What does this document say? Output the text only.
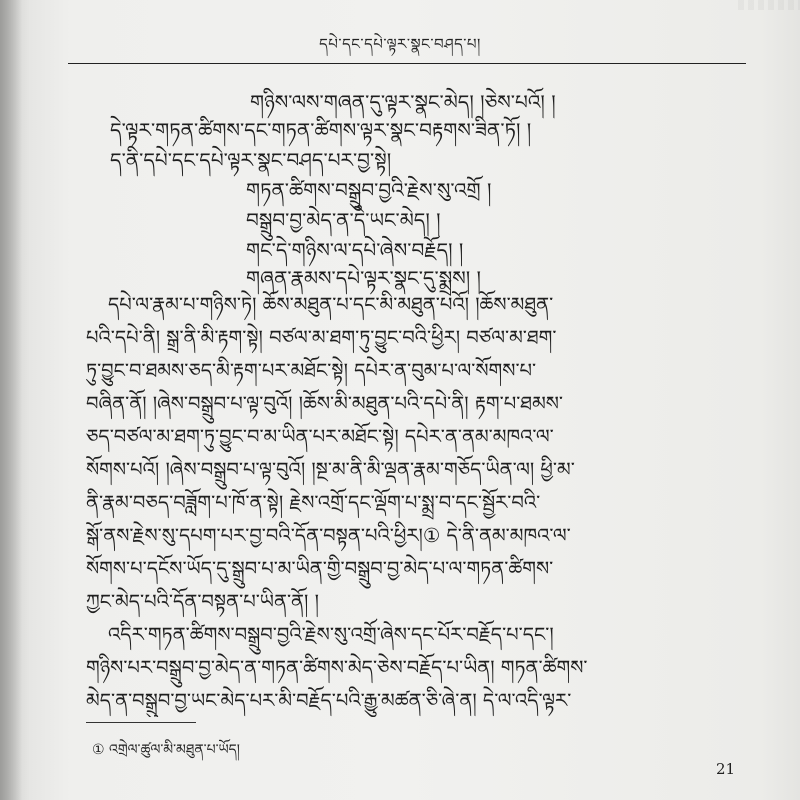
དཔེ་དང་དཔེ་ལྟར་སྣང་བཤད་པ།
གཉིས་ལས་གཞན་དུ་ལྟར་སྣང་མེད། །ཅེས་པའོ། །
དེ་ལྟར་གཏན་ཚིགས་དང་གཏན་ཚིགས་ལྟར་སྣང་བརྟགས་ཟིན་ཏོ། །
ད་ནི་དཔེ་དང་དཔེ་ལྟར་སྣང་བཤད་པར་བྱ་སྟེ།
གཏན་ཚིགས་བསྒྲུབ་བྱའི་རྗེས་སུ་འགྲོ །
བསྒྲུབ་བྱ་མེད་ན་དེ་ཡང་མེད། །
གང་དེ་གཉིས་ལ་དཔེ་ཞེས་བརྗོད། །
གཞན་རྣམས་དཔེ་ལྟར་སྣང་དུ་སྨྲས། །
དཔེ་ལ་རྣམ་པ་གཉིས་ཏེ། ཆོས་མཐུན་པ་དང་མི་མཐུན་པའོ། །ཆོས་མཐུན་
པའི་དཔེ་ནི། སྒྲ་ནི་མི་རྟག་སྟེ། བཙལ་མ་ཐག་ཏུ་བྱུང་བའི་ཕྱིར། བཙལ་མ་ཐག་
ཏུ་བྱུང་བ་ཐམས་ཅད་མི་རྟག་པར་མཐོང་སྟེ། དཔེར་ན་བུམ་པ་ལ་སོགས་པ་
བཞིན་ནོ། །ཞེས་བསྒྲུབ་པ་ལྟ་བུའོ། །ཆོས་མི་མཐུན་པའི་དཔེ་ནི། རྟག་པ་ཐམས་
ཅད་བཙལ་མ་ཐག་ཏུ་བྱུང་བ་མ་ཡིན་པར་མཐོང་སྟེ། དཔེར་ན་ནམ་མཁའ་ལ་
སོགས་པའོ། །ཞེས་བསྒྲུབ་པ་ལྟ་བུའོ། །སྔ་མ་ནི་མི་ལྡན་རྣམ་གཅོད་ཡིན་ལ། ཕྱི་མ་
ནི་རྣམ་བཅད་བཟློག་པ་ཁོ་ན་སྟེ། རྗེས་འགྲོ་དང་ལྡོག་པ་སྨྲ་བ་དང་སྦྱོར་བའི་
སྒོ་ནས་རྗེས་སུ་དཔག་པར་བྱ་བའི་དོན་བསྟན་པའི་ཕྱིར།① དེ་ནི་ནམ་མཁའ་ལ་
སོགས་པ་དངོས་ཡོད་དུ་སྒྲུབ་པ་མ་ཡིན་གྱི་བསྒྲུབ་བྱ་མེད་པ་ལ་གཏན་ཚིགས་
ཀྱང་མེད་པའི་དོན་བསྟན་པ་ཡིན་ནོ། །
འདིར་གཏན་ཚིགས་བསྒྲུབ་བྱའི་རྗེས་སུ་འགྲོ་ཞེས་དང་པོར་བརྗོད་པ་དང་།
གཉིས་པར་བསྒྲུབ་བྱ་མེད་ན་གཏན་ཚིགས་མེད་ཅེས་བརྗོད་པ་ཡིན། གཏན་ཚིགས་
མེད་ན་བསྒྲུབ་བྱ་ཡང་མེད་པར་མི་བརྗོད་པའི་རྒྱུ་མཚན་ཅི་ཞེ་ན། དེ་ལ་འདི་ལྟར་
① འགྲེལ་ཚུལ་མི་མཐུན་པ་ཡོད།
21
